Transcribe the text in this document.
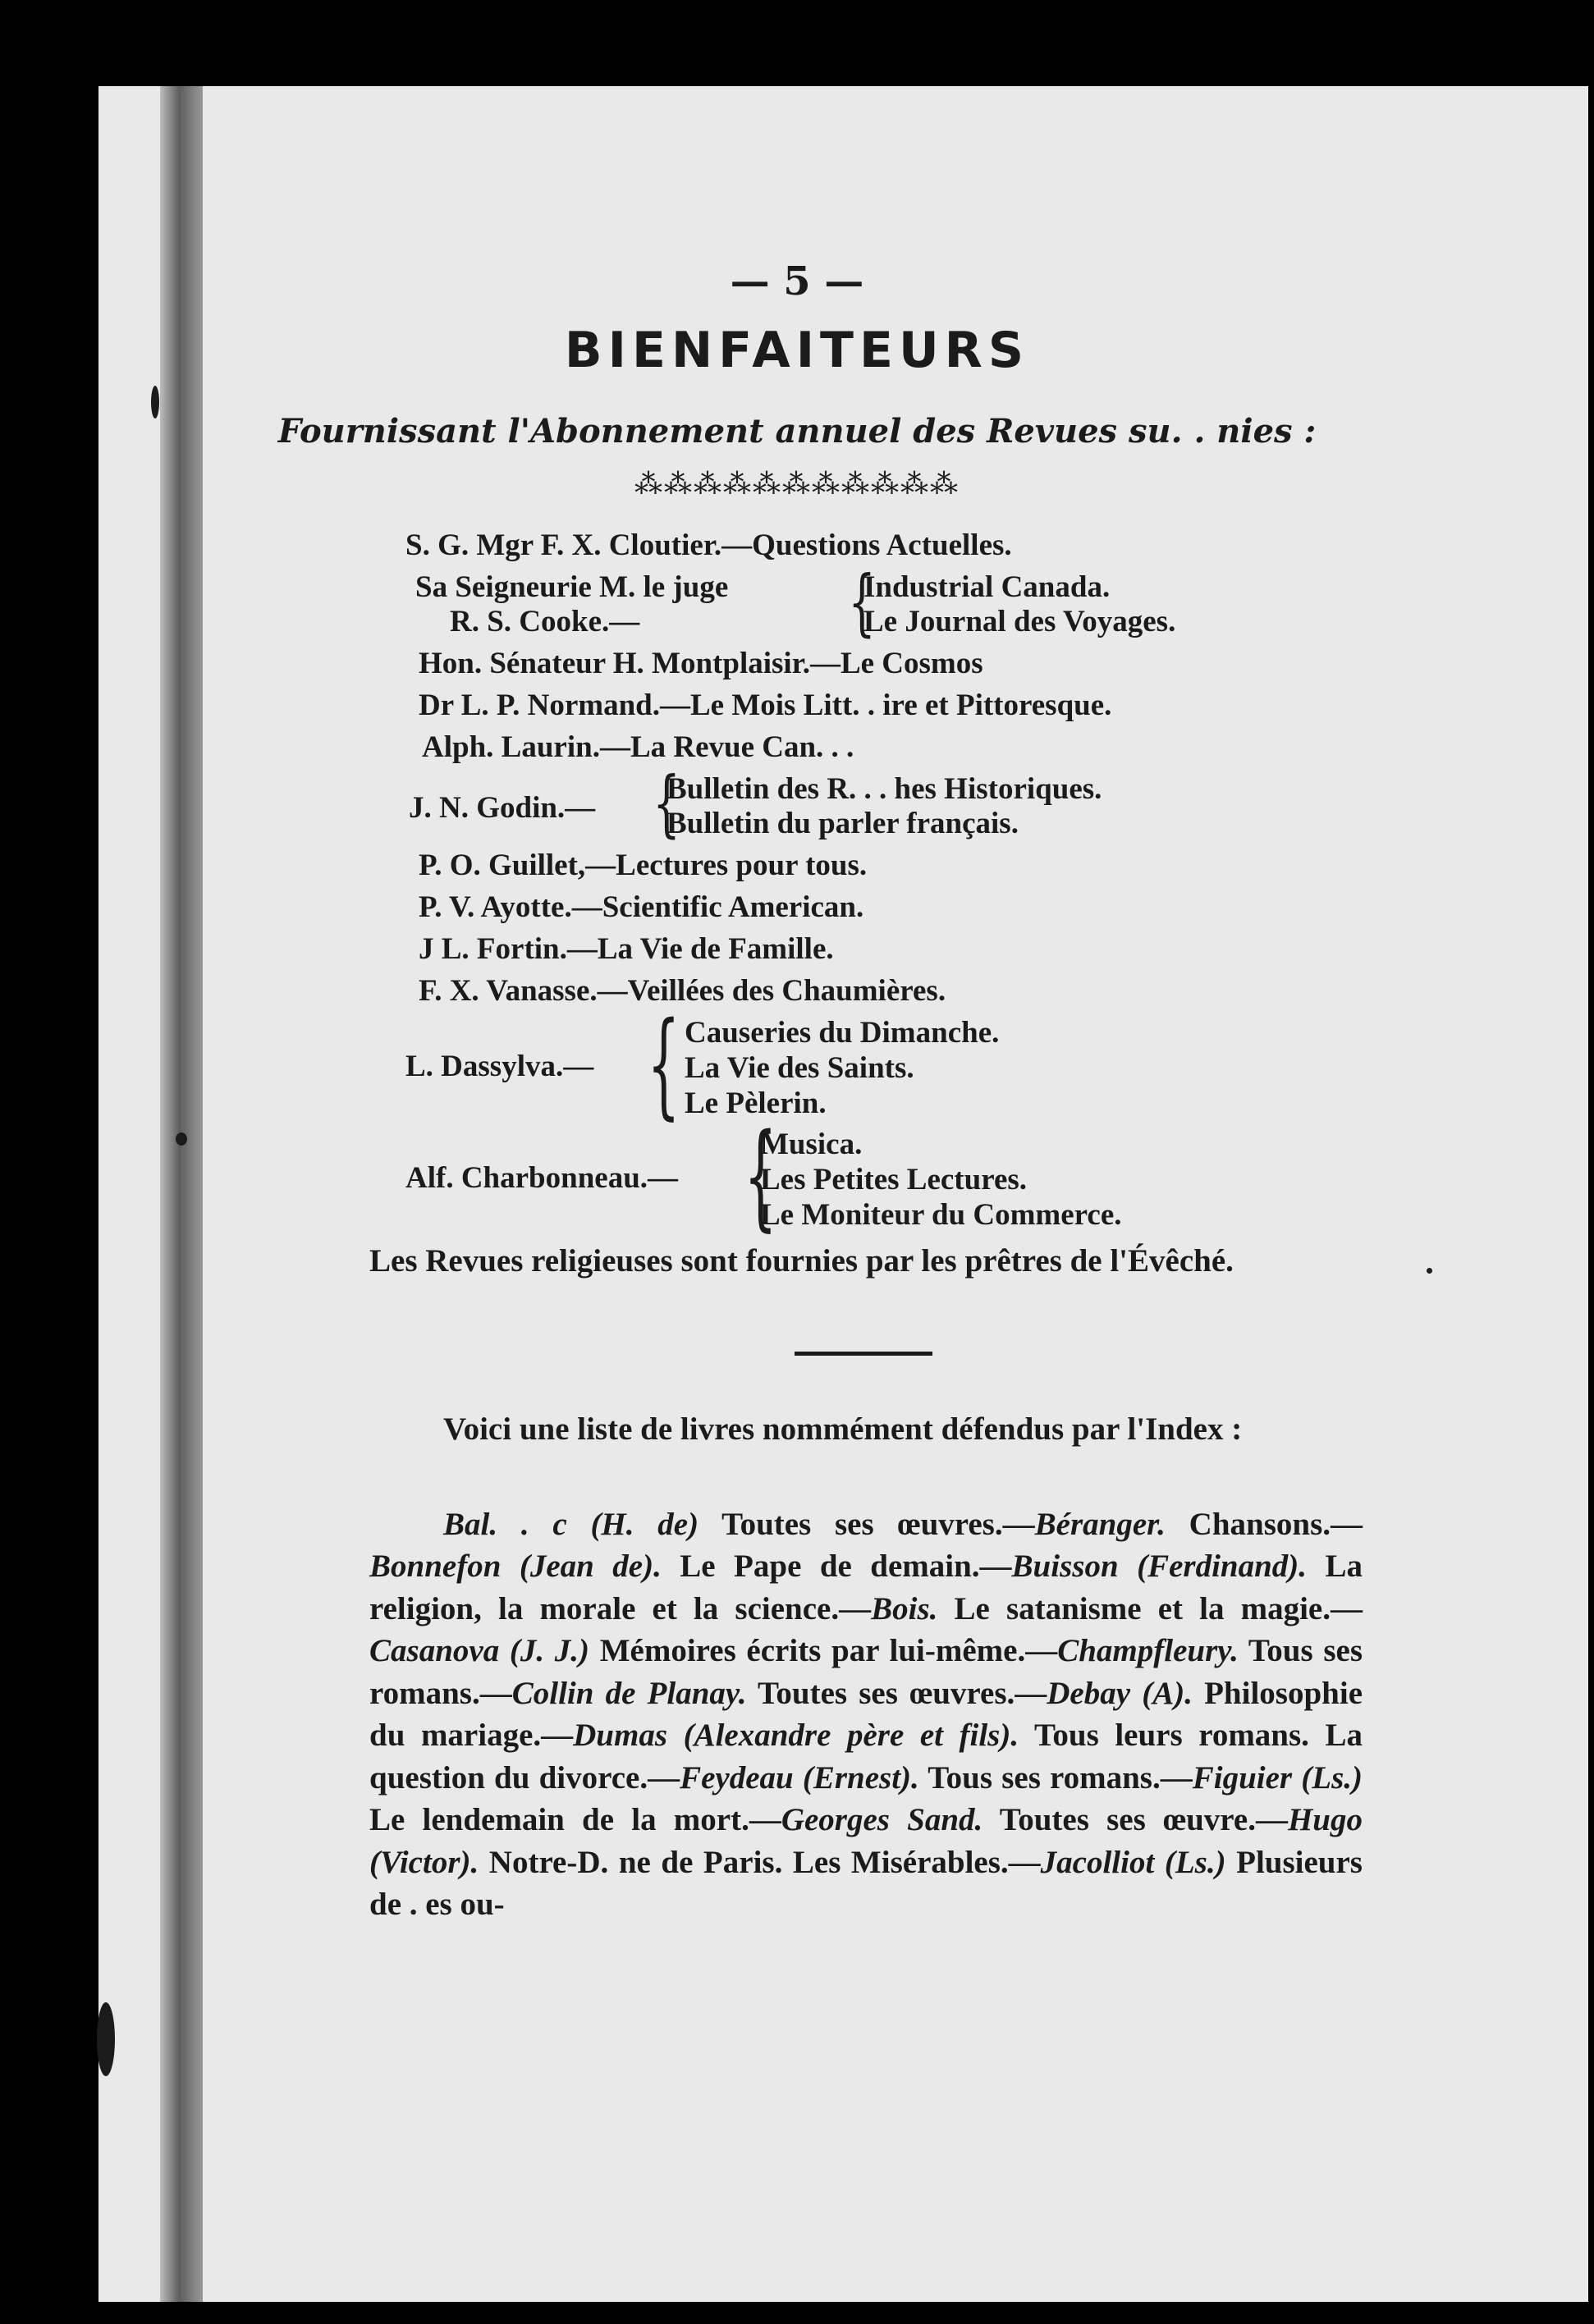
— 5 —
BIENFAITEURS
Fournissant l'Abonnement annuel des Revues su. . nies :
⁂⁂⁂⁂⁂⁂⁂⁂⁂⁂⁂
S. G. Mgr F. X. Cloutier.—Questions Actuelles.
Sa Seigneurie M. le juge
R. S. Cooke.—	{
Industrial Canada.
Le Journal des Voyages.
Hon. Sénateur H. Montplaisir.—Le Cosmos
Dr L. P. Normand.—Le Mois Litt. . ire et Pittoresque.
Alph. Laurin.—La Revue Can. . .
J. N. Godin.— {
Bulletin des R. . . hes Historiques.
Bulletin du parler français.
P. O. Guillet,—Lectures pour tous.
P. V. Ayotte.—Scientific American.
J L. Fortin.—La Vie de Famille.
F. X. Vanasse.—Veillées des Chaumières.
L. Dassylva.— { Causeries du Dimanche.
La Vie des Saints.
Le Pèlerin.
Alf. Charbonneau.— {
Musica.
Les Petites Lectures.
Le Moniteur du Commerce.
Les Revues religieuses sont fournies par les prêtres de l'Évêché.
Voici une liste de livres nommément défendus par l'Index :
Bal. . c (H. de) Toutes ses œuvres.—Béranger. Chansons.—Bonnefon (Jean de). Le Pape de demain.—Buisson (Ferdinand). La religion, la morale et la science.—Bois. Le satanisme et la magie.—Casanova (J. J.) Mémoires écrits par lui-même.—Champfleury. Tous ses romans.—Collin de Planay. Toutes ses œuvres.—Debay (A). Philosophie du mariage.—Dumas (Alexandre père et fils). Tous leurs romans. La question du divorce.—Feydeau (Ernest). Tous ses romans.—Figuier (Ls.) Le lendemain de la mort.—Georges Sand. Toutes ses œuvre.—Hugo (Victor). Notre-D. ne de Paris. Les Misérables.—Jacolliot (Ls.) Plusieurs de . es ou-
